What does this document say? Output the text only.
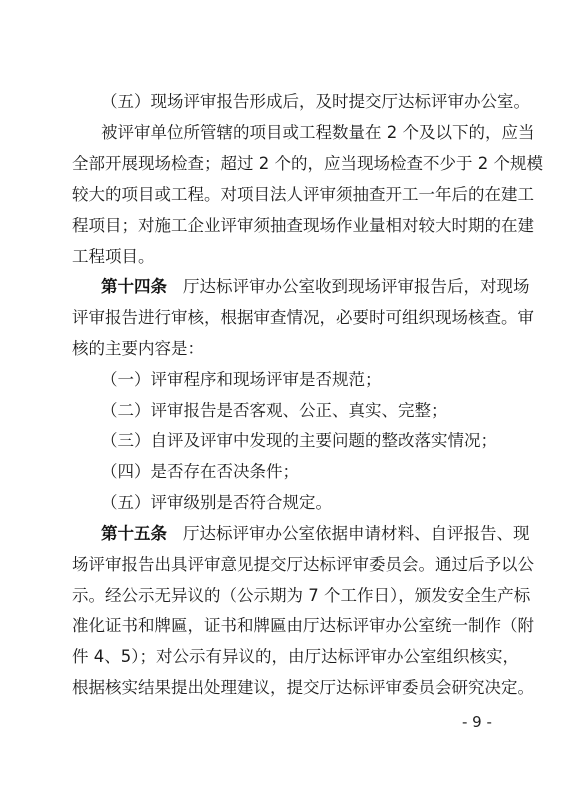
（五）现场评审报告形成后，及时提交厅达标评审办公室。
被评审单位所管辖的项目或工程数量在 2 个及以下的，应当
全部开展现场检查；超过 2 个的，应当现场检查不少于 2 个规模
较大的项目或工程。对项目法人评审须抽查开工一年后的在建工
程项目；对施工企业评审须抽查现场作业量相对较大时期的在建
工程项目。
第十四条 厅达标评审办公室收到现场评审报告后，对现场
评审报告进行审核，根据审查情况，必要时可组织现场核查。审
核的主要内容是：
（一）评审程序和现场评审是否规范；
（二）评审报告是否客观、公正、真实、完整；
（三）自评及评审中发现的主要问题的整改落实情况；
（四）是否存在否决条件；
（五）评审级别是否符合规定。
第十五条 厅达标评审办公室依据申请材料、自评报告、现
场评审报告出具评审意见提交厅达标评审委员会。通过后予以公
示。经公示无异议的（公示期为 7 个工作日），颁发安全生产标
准化证书和牌匾，证书和牌匾由厅达标评审办公室统一制作（附
件 4、5）；对公示有异议的，由厅达标评审办公室组织核实，
根据核实结果提出处理建议，提交厅达标评审委员会研究决定。
- 9 -
